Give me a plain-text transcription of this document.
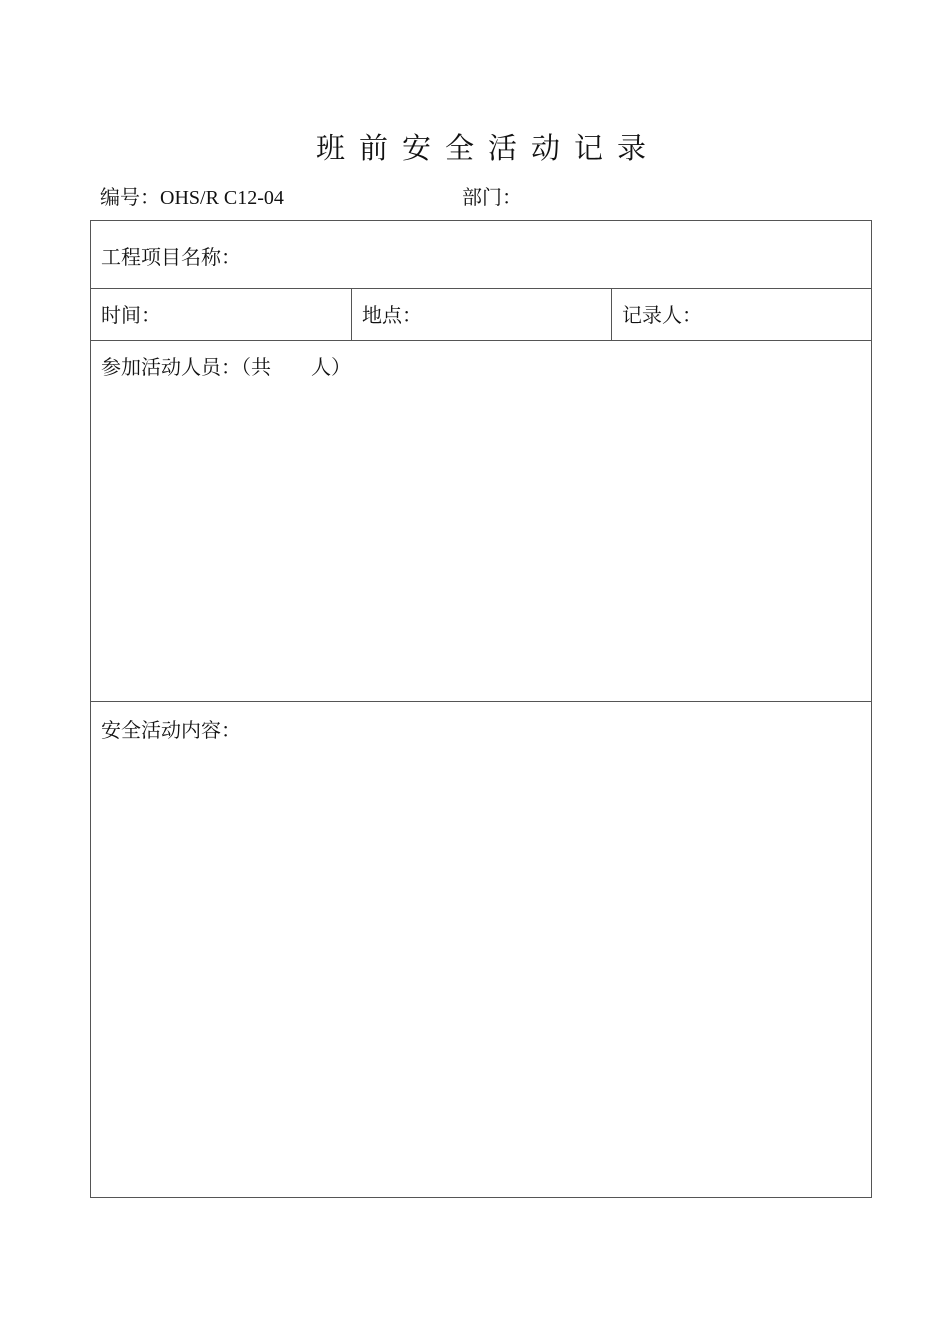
班 前 安 全 活 动 记 录
编号：OHS/R C12-04	部门：
工程项目名称：
时间：	地点：	记录人：
参加活动人员：（共　　人）
安全活动内容：
